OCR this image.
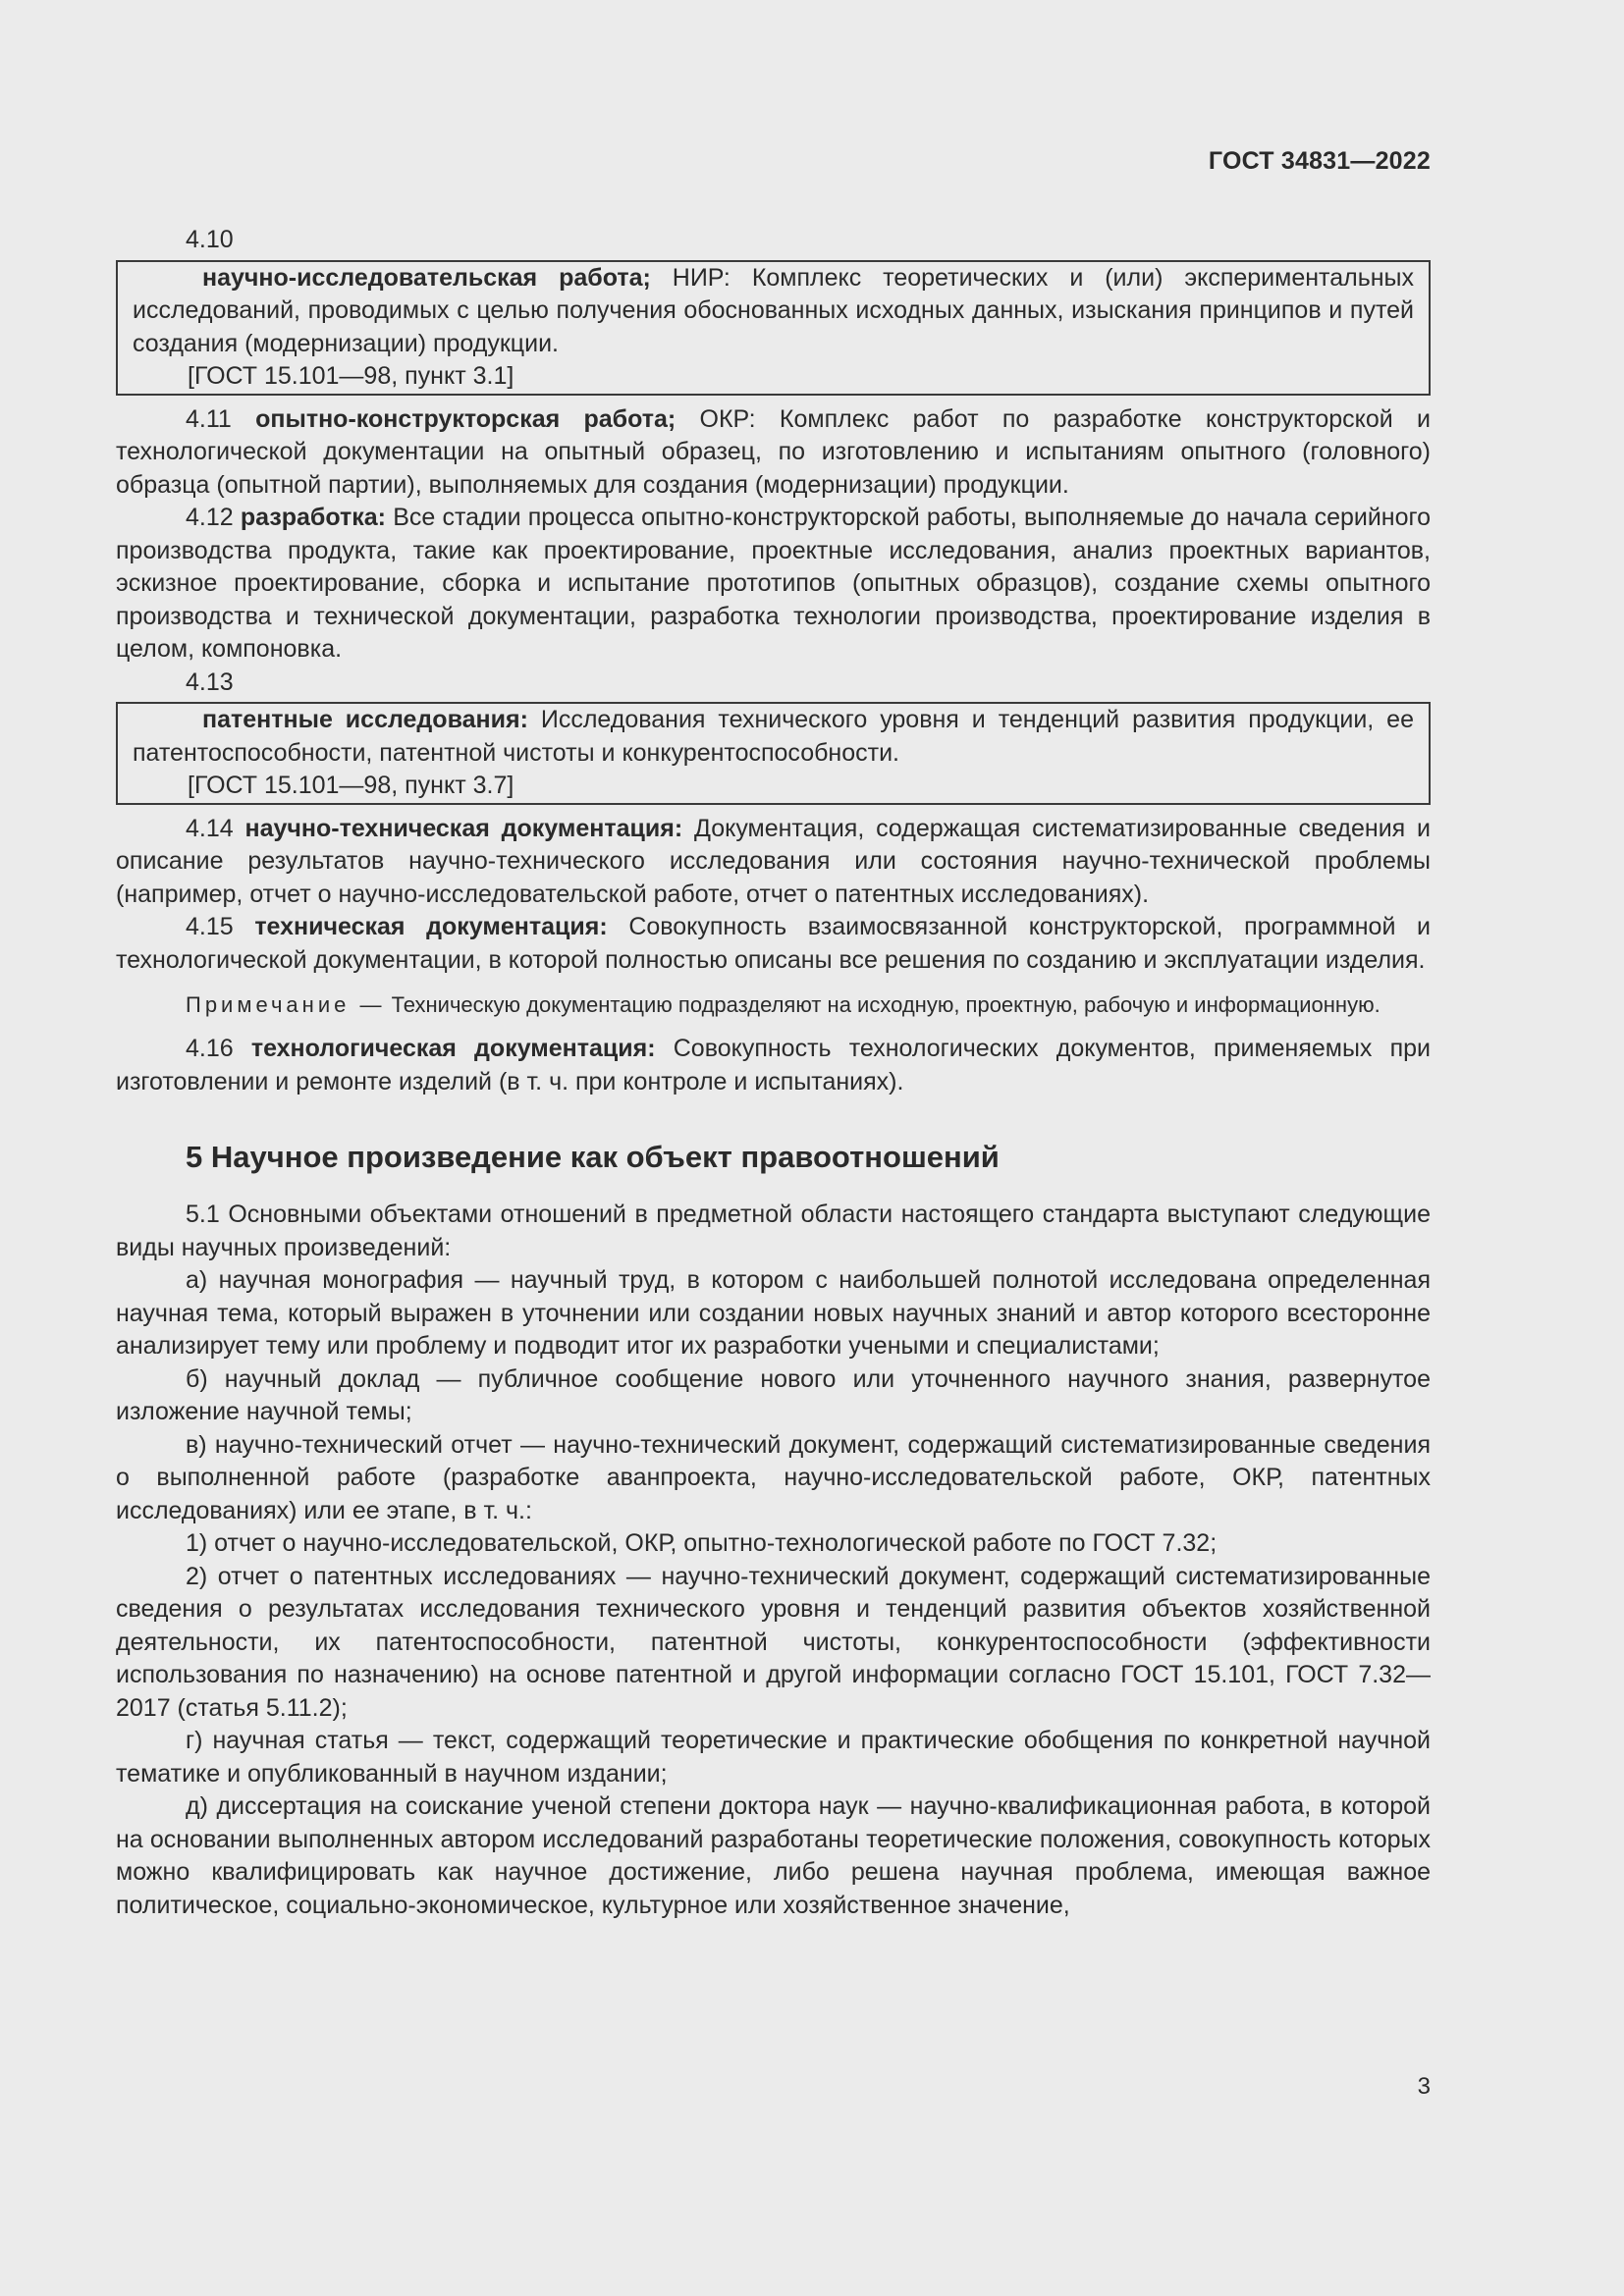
ГОСТ 34831—2022

4.10

научно-исследовательская работа; НИР: Комплекс теоретических и (или) экспериментальных исследований, проводимых с целью получения обоснованных исходных данных, изыскания принципов и путей создания (модернизации) продукции.

[ГОСТ 15.101—98, пункт 3.1]

4.11 опытно-конструкторская работа; ОКР: Комплекс работ по разработке конструкторской и технологической документации на опытный образец, по изготовлению и испытаниям опытного (головного) образца (опытной партии), выполняемых для создания (модернизации) продукции.

4.12 разработка: Все стадии процесса опытно-конструкторской работы, выполняемые до начала серийного производства продукта, такие как проектирование, проектные исследования, анализ проектных вариантов, эскизное проектирование, сборка и испытание прототипов (опытных образцов), создание схемы опытного производства и технической документации, разработка технологии производства, проектирование изделия в целом, компоновка.

4.13

патентные исследования: Исследования технического уровня и тенденций развития продукции, ее патентоспособности, патентной чистоты и конкурентоспособности.

[ГОСТ 15.101—98, пункт 3.7]

4.14 научно-техническая документация: Документация, содержащая систематизированные сведения и описание результатов научно-технического исследования или состояния научно-технической проблемы (например, отчет о научно-исследовательской работе, отчет о патентных исследованиях).

4.15 техническая документация: Совокупность взаимосвязанной конструкторской, программной и технологической документации, в которой полностью описаны все решения по созданию и эксплуатации изделия.

Примечание — Техническую документацию подразделяют на исходную, проектную, рабочую и информационную.

4.16 технологическая документация: Совокупность технологических документов, применяемых при изготовлении и ремонте изделий (в т. ч. при контроле и испытаниях).

5 Научное произведение как объект правоотношений

5.1 Основными объектами отношений в предметной области настоящего стандарта выступают следующие виды научных произведений:

а) научная монография — научный труд, в котором с наибольшей полнотой исследована определенная научная тема, который выражен в уточнении или создании новых научных знаний и автор которого всесторонне анализирует тему или проблему и подводит итог их разработки учеными и специалистами;

б) научный доклад — публичное сообщение нового или уточненного научного знания, развернутое изложение научной темы;

в) научно-технический отчет — научно-технический документ, содержащий систематизированные сведения о выполненной работе (разработке аванпроекта, научно-исследовательской работе, ОКР, патентных исследованиях) или ее этапе, в т. ч.:

1) отчет о научно-исследовательской, ОКР, опытно-технологической работе по ГОСТ 7.32;

2) отчет о патентных исследованиях — научно-технический документ, содержащий систематизированные сведения о результатах исследования технического уровня и тенденций развития объектов хозяйственной деятельности, их патентоспособности, патентной чистоты, конкурентоспособности (эффективности использования по назначению) на основе патентной и другой информации согласно ГОСТ 15.101, ГОСТ 7.32—2017 (статья 5.11.2);

г) научная статья — текст, содержащий теоретические и практические обобщения по конкретной научной тематике и опубликованный в научном издании;

д) диссертация на соискание ученой степени доктора наук — научно-квалификационная работа, в которой на основании выполненных автором исследований разработаны теоретические положения, совокупность которых можно квалифицировать как научное достижение, либо решена научная проблема, имеющая важное политическое, социально-экономическое, культурное или хозяйственное значение,

3
